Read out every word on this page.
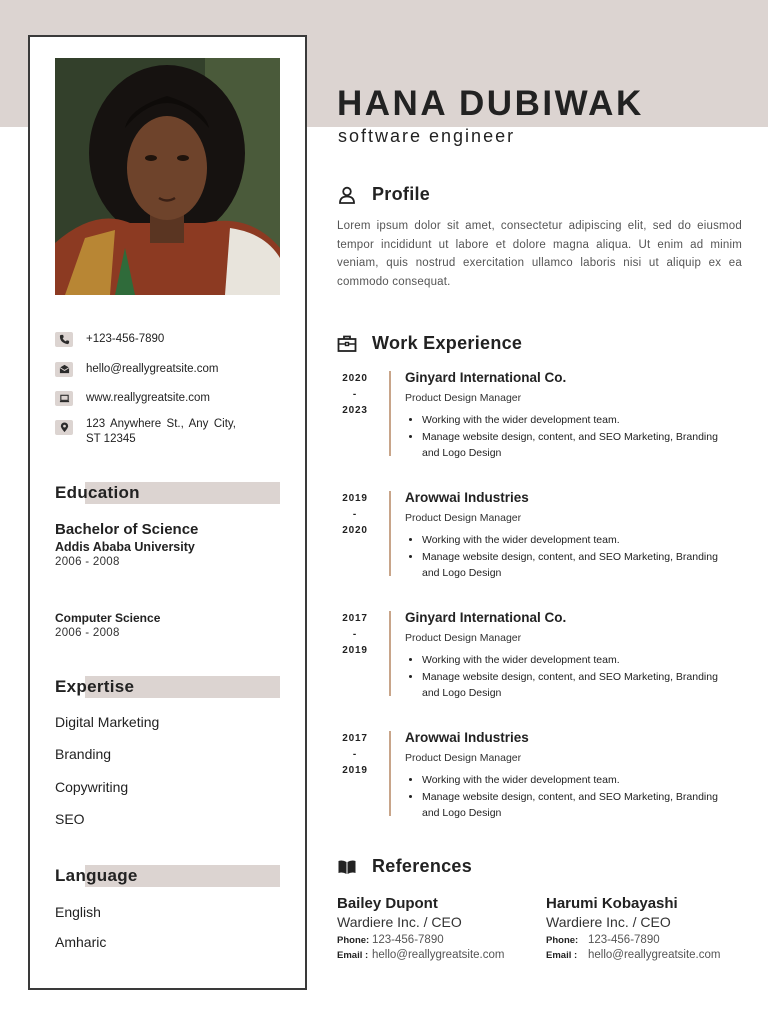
+123-456-7890
hello@reallygreatsite.com
www.reallygreatsite.com
123 Anywhere St., Any City, ST 12345
Education
Bachelor of Science
Addis Ababa University
2006 - 2008
Computer Science
2006 - 2008
Expertise
Digital Marketing
Branding
Copywriting
SEO
Language
English
Amharic
HANA DUBIWAK
software engineer
Profile
Lorem ipsum dolor sit amet, consectetur adipiscing elit, sed do eiusmod tempor incididunt ut labore et dolore magna aliqua. Ut enim ad minim veniam, quis nostrud exercitation ullamco laboris nisi ut aliquip ex ea commodo consequat.
Work Experience
2020
-
2023
Ginyard International Co.
Product Design Manager
• Working with the wider development team.
• Manage website design, content, and SEO Marketing, Branding and Logo Design
2019
-
2020
Arowwai Industries
Product Design Manager
• Working with the wider development team.
• Manage website design, content, and SEO Marketing, Branding and Logo Design
2017
-
2019
Ginyard International Co.
Product Design Manager
• Working with the wider development team.
• Manage website design, content, and SEO Marketing, Branding and Logo Design
2017
-
2019
Arowwai Industries
Product Design Manager
• Working with the wider development team.
• Manage website design, content, and SEO Marketing, Branding and Logo Design
References
Bailey Dupont
Wardiere Inc. / CEO
Phone: 123-456-7890
Email : hello@reallygreatsite.com
Harumi Kobayashi
Wardiere Inc. / CEO
Phone: 123-456-7890
Email : hello@reallygreatsite.com
